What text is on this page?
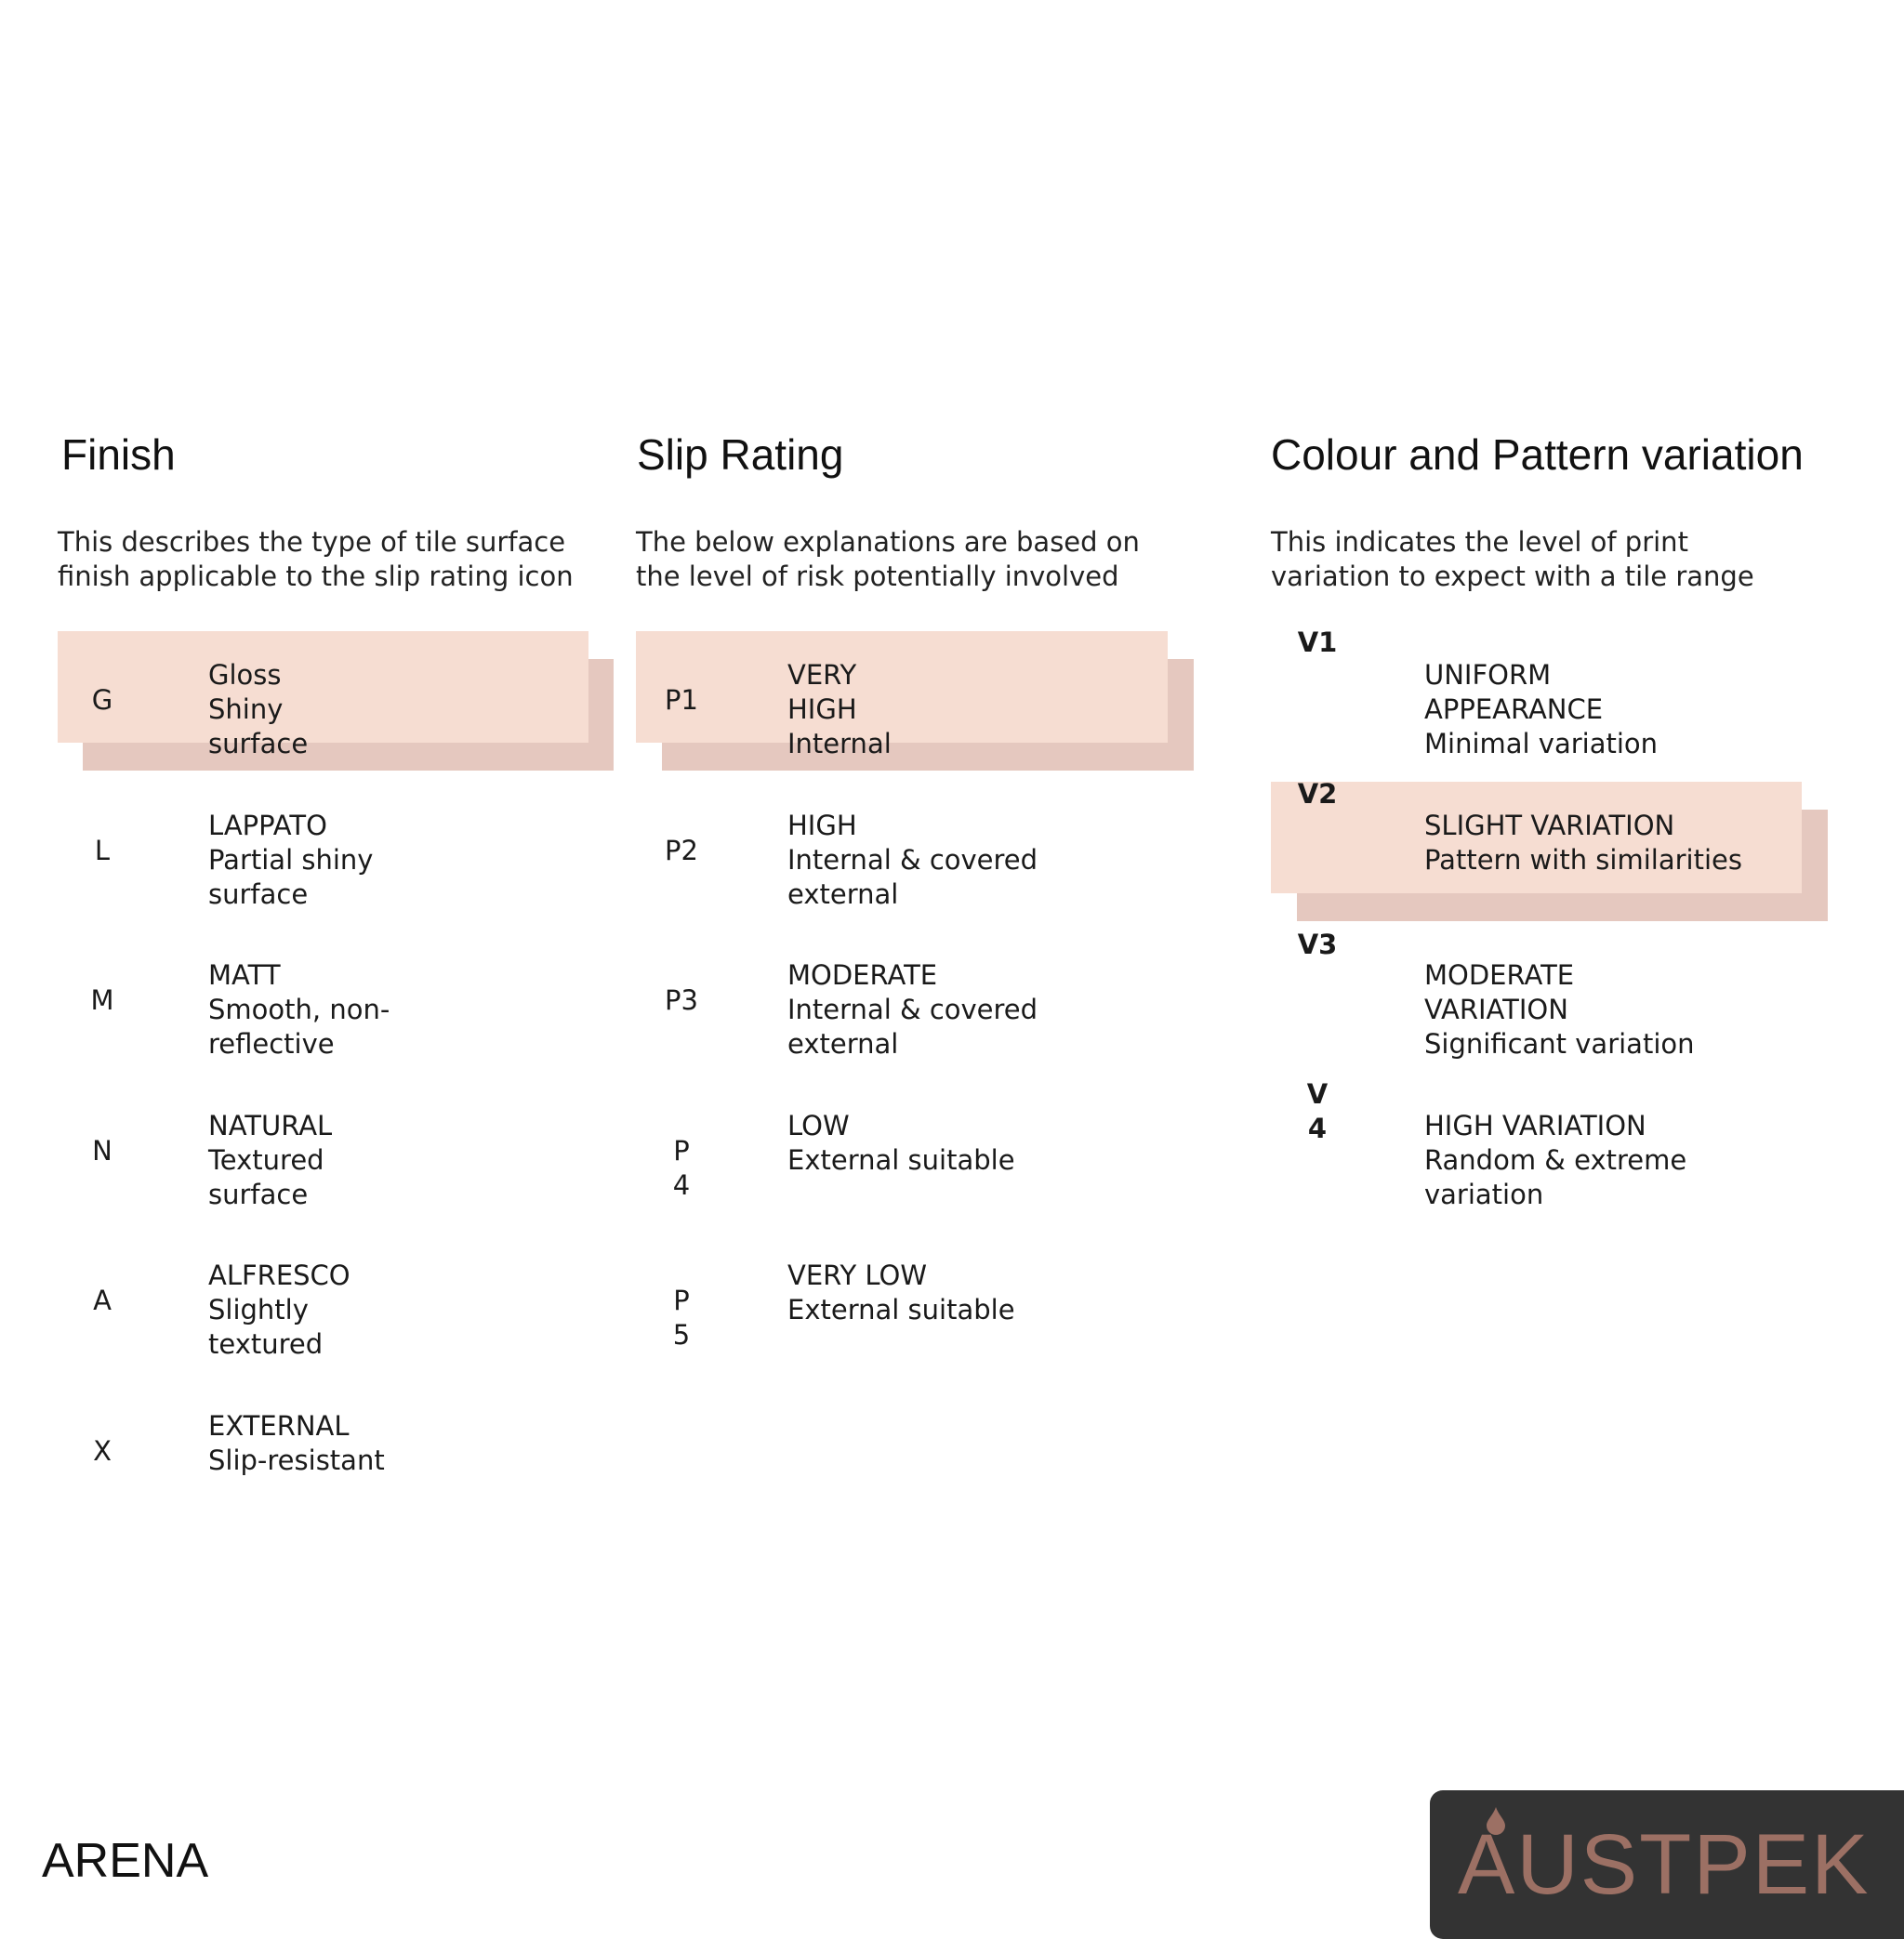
Finish
This describes the type of tile surface
finish applicable to the slip rating icon
G
Gloss
Shiny
surface
L
LAPPATO
Partial shiny
surface
M
MATT
Smooth, non-
reflective
N
NATURAL
Textured
surface
A
ALFRESCO
Slightly
textured
X
EXTERNAL
Slip-resistant
Slip Rating
The below explanations are based on
the level of risk potentially involved
P1
VERY
HIGH
Internal
P2
HIGH
Internal & covered
external
P3
MODERATE
Internal & covered
external
P
4
LOW
External suitable
P
5
VERY LOW
External suitable
Colour and Pattern variation
This indicates the level of print
variation to expect with a tile range
V1
UNIFORM
APPEARANCE
Minimal variation
V2
SLIGHT VARIATION
Pattern with similarities
V3
MODERATE
VARIATION
Significant variation
V
4	HIGH VARIATION
Random & extreme
variation
ARENA	AUSTPEK
